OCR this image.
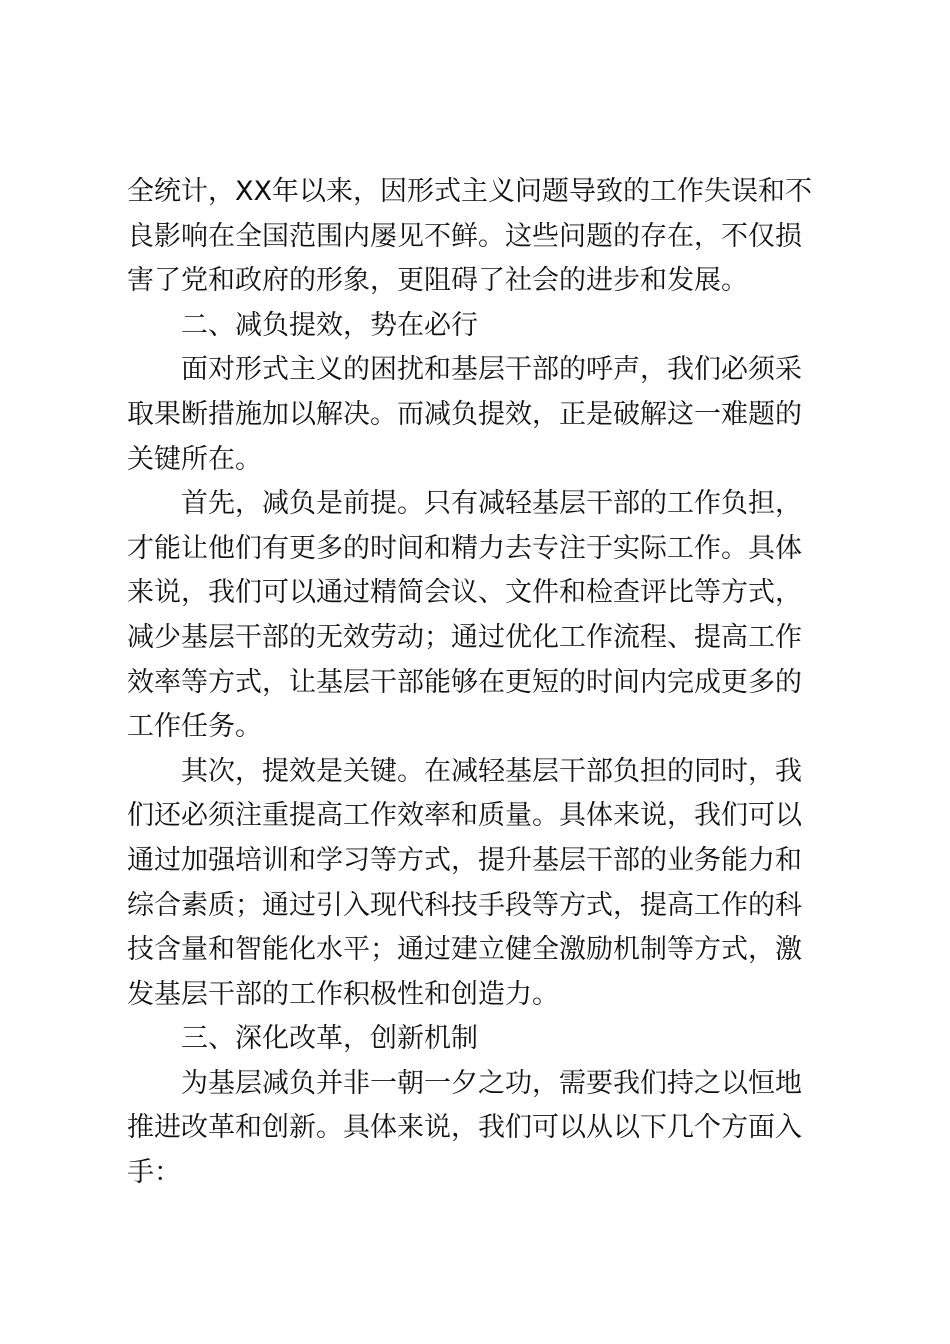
全统计，XX年以来，因形式主义问题导致的工作失误和不良影响在全国范围内屡见不鲜。这些问题的存在，不仅损害了党和政府的形象，更阻碍了社会的进步和发展。

二、减负提效，势在必行

面对形式主义的困扰和基层干部的呼声，我们必须采取果断措施加以解决。而减负提效，正是破解这一难题的关键所在。

首先，减负是前提。只有减轻基层干部的工作负担，才能让他们有更多的时间和精力去专注于实际工作。具体来说，我们可以通过精简会议、文件和检查评比等方式，减少基层干部的无效劳动；通过优化工作流程、提高工作效率等方式，让基层干部能够在更短的时间内完成更多的工作任务。

其次，提效是关键。在减轻基层干部负担的同时，我们还必须注重提高工作效率和质量。具体来说，我们可以通过加强培训和学习等方式，提升基层干部的业务能力和综合素质；通过引入现代科技手段等方式，提高工作的科技含量和智能化水平；通过建立健全激励机制等方式，激发基层干部的工作积极性和创造力。

三、深化改革，创新机制

为基层减负并非一朝一夕之功，需要我们持之以恒地推进改革和创新。具体来说，我们可以从以下几个方面入手：
